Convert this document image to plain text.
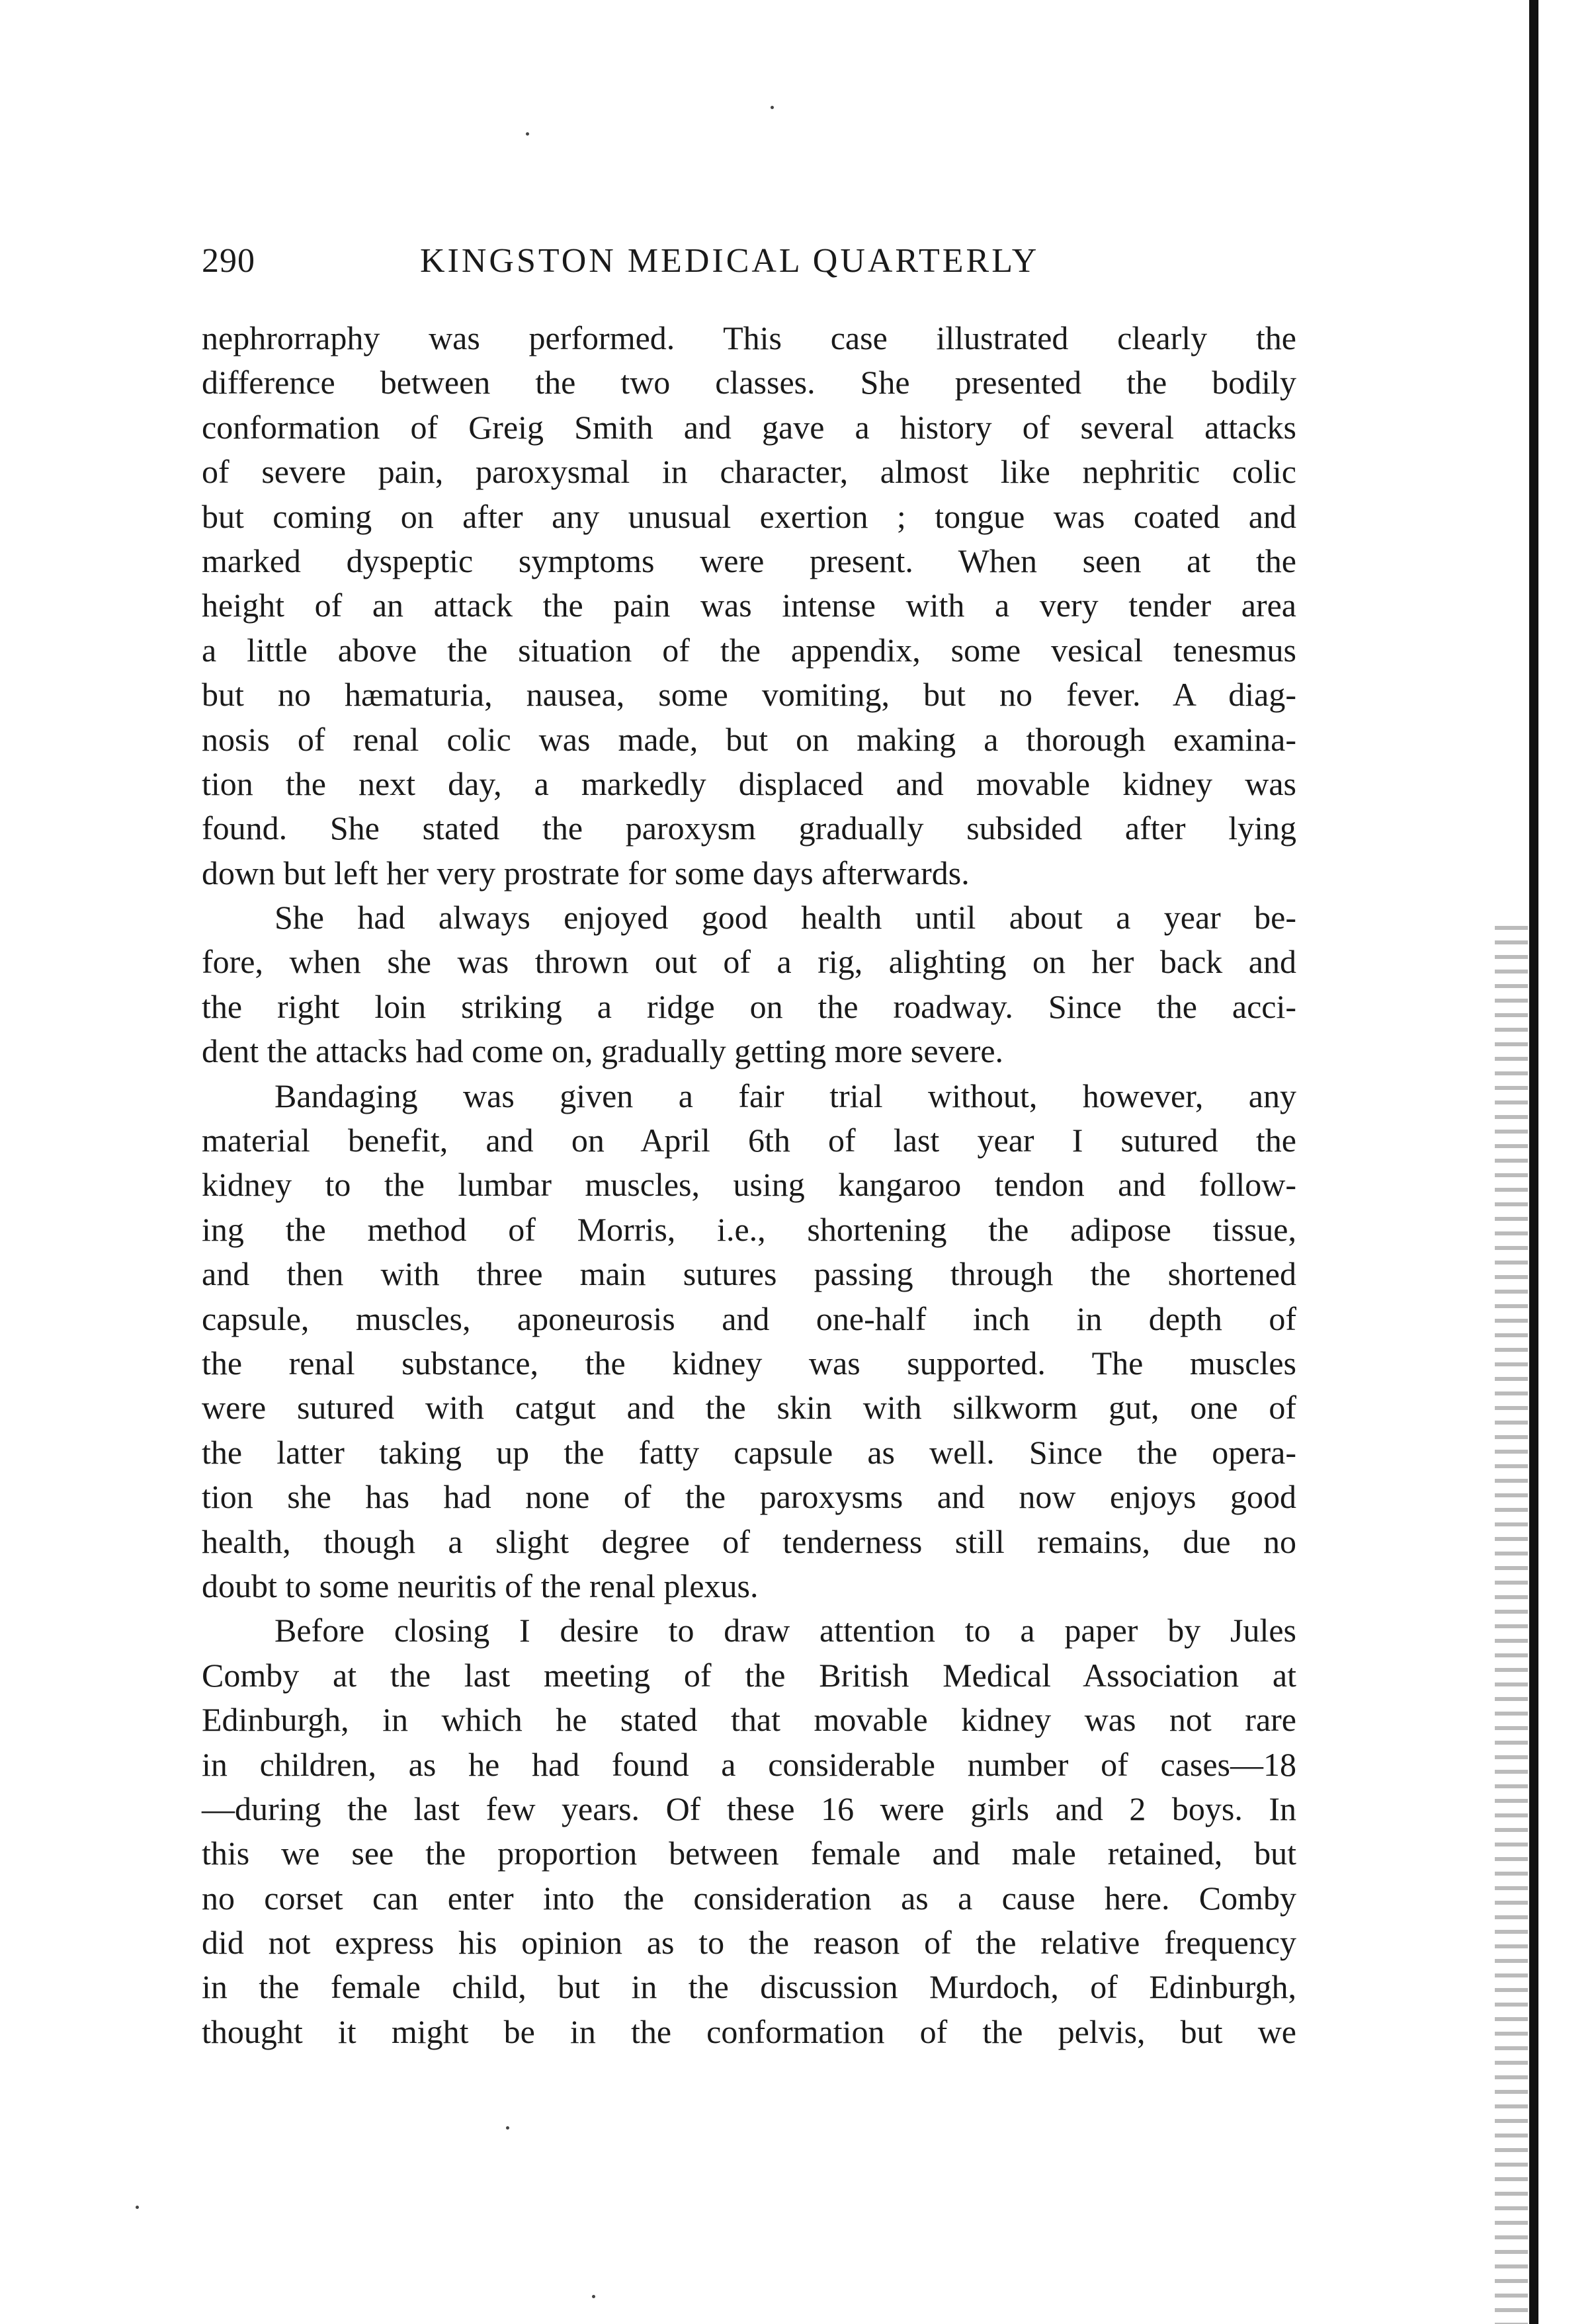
290	KINGSTON MEDICAL QUARTERLY
nephrorraphy was performed. This case illustrated clearly the
difference between the two classes. She presented the bodily
conformation of Greig Smith and gave a history of several attacks
of severe pain, paroxysmal in character, almost like nephritic colic
but coming on after any unusual exertion ; tongue was coated and
marked dyspeptic symptoms were present. When seen at the
height of an attack the pain was intense with a very tender area
a little above the situation of the appendix, some vesical tenesmus
but no hæmaturia, nausea, some vomiting, but no fever. A diag-
nosis of renal colic was made, but on making a thorough examina-
tion the next day, a markedly displaced and movable kidney was
found. She stated the paroxysm gradually subsided after lying
down but left her very prostrate for some days afterwards.
She had always enjoyed good health until about a year be-
fore, when she was thrown out of a rig, alighting on her back and
the right loin striking a ridge on the roadway. Since the acci-
dent the attacks had come on, gradually getting more severe.
Bandaging was given a fair trial without, however, any
material benefit, and on April 6th of last year I sutured the
kidney to the lumbar muscles, using kangaroo tendon and follow-
ing the method of Morris, i.e., shortening the adipose tissue,
and then with three main sutures passing through the shortened
capsule, muscles, aponeurosis and one-half inch in depth of
the renal substance, the kidney was supported. The muscles
were sutured with catgut and the skin with silkworm gut, one of
the latter taking up the fatty capsule as well. Since the opera-
tion she has had none of the paroxysms and now enjoys good
health, though a slight degree of tenderness still remains, due no
doubt to some neuritis of the renal plexus.
Before closing I desire to draw attention to a paper by Jules
Comby at the last meeting of the British Medical Association at
Edinburgh, in which he stated that movable kidney was not rare
in children, as he had found a considerable number of cases—18
—during the last few years. Of these 16 were girls and 2 boys. In
this we see the proportion between female and male retained, but
no corset can enter into the consideration as a cause here. Comby
did not express his opinion as to the reason of the relative frequency
in the female child, but in the discussion Murdoch, of Edinburgh,
thought it might be in the conformation of the pelvis, but we
